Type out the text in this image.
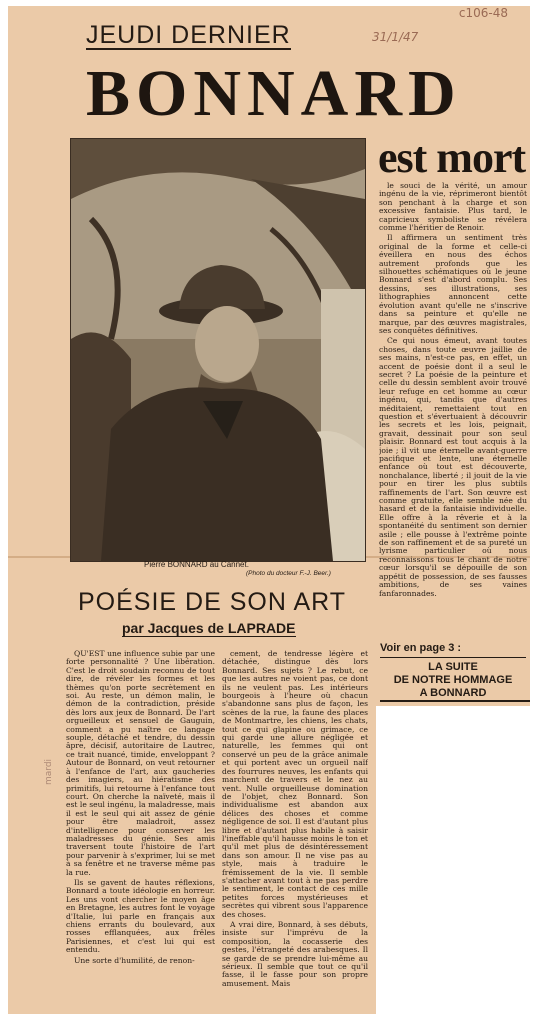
c106-48
31/1/47
mardi
JEUDI DERNIER
BONNARD
est mort
Pierre BONNARD au Cannet.
(Photo du docteur F.-J. Beer.)
POÉSIE DE SON ART
par Jacques de LAPRADE

le souci de la vérité, un amour ingénu de la vie, réprimeront bientôt son penchant à la charge et son excessive fantaisie. Plus tard, le capricieux symboliste se révélera comme l'héritier de Renoir.

Il affirmera un sentiment très original de la forme et celle-ci éveillera en nous des échos autrement profonds que les silhouettes schématiques où le jeune Bonnard s'est d'abord complu. Ses dessins, ses illustrations, ses lithographies annoncent cette évolution avant qu'elle ne s'inscrive dans sa peinture et qu'elle ne marque, par des œuvres magistrales, ses conquêtes définitives.

Ce qui nous émeut, avant toutes choses, dans toute œuvre jaillie de ses mains, n'est-ce pas, en effet, un accent de poésie dont il a seul le secret ? La poésie de la peinture et celle du dessin semblent avoir trouvé leur refuge en cet homme au cœur ingénu, qui, tandis que d'autres méditaient, remettaient tout en question et s'évertuaient à découvrir les secrets et les lois, peignait, gravait, dessinait pour son seul plaisir. Bonnard est tout acquis à la joie ; il vit une éternelle avant-guerre pacifique et lente, une éternelle enfance où tout est découverte, nonchalance, liberté ; il jouit de la vie pour en tirer les plus subtils raffinements de l'art. Son œuvre est comme gratuite, elle semble née du hasard et de la fantaisie individuelle. Elle offre à la rêverie et à la spontanéité du sentiment son dernier asile ; elle pousse à l'extrême pointe de son raffinement et de sa pureté un lyrisme particulier où nous reconnaissons tous le chant de notre cœur lorsqu'il se dépouille de son appétit de possession, de ses fausses ambitions, de ses vaines fanfaronnades.

QU'EST une influence subie par une forte personnalité ? Une libération. C'est le droit soudain reconnu de tout dire, de révéler les formes et les thèmes qu'on porte secrètement en soi. Au reste, un démon malin, le démon de la contradiction, préside dès lors aux jeux de Bonnard. De l'art orgueilleux et sensuel de Gauguin, comment a pu naître ce langage souple, détaché et tendre, du dessin âpre, décisif, autoritaire de Lautrec, ce trait nuancé, timide, enveloppant ? Autour de Bonnard, on veut retourner à l'enfance de l'art, aux gaucheries des imagiers, au hiératisme des primitifs, lui retourne à l'enfance tout court. On cherche la naïveté, mais il est le seul ingénu, la maladresse, mais il est le seul qui ait assez de génie pour être maladroit, assez d'intelligence pour conserver les maladresses du génie. Ses amis traversent toute l'histoire de l'art pour parvenir à s'exprimer, lui se met à sa fenêtre et ne traverse même pas la rue.

Ils se gavent de hautes réflexions, Bonnard a toute idéologie en horreur. Les uns vont chercher le moyen âge en Bretagne, les autres font le voyage d'Italie, lui parle en français aux chiens errants du boulevard, aux rosses efflanquées, aux frêles Parisiennes, et c'est lui qui est entendu.

Une sorte d'humilité, de renon-

cement, de tendresse légère et détachée, distingue dès lors Bonnard. Ses sujets ? Le rebut, ce que les autres ne voient pas, ce dont ils ne veulent pas. Les intérieurs bourgeois à l'heure où chacun s'abandonne sans plus de façon, les scènes de la rue, la faune des places de Montmartre, les chiens, les chats, tout ce qui glapine ou grimace, ce qui garde une allure négligée et naturelle, les femmes qui ont conservé un peu de la grâce animale et qui portent avec un orgueil naïf des fourrures neuves, les enfants qui marchent de travers et le nez au vent. Nulle orgueilleuse domination de l'objet, chez Bonnard. Son individualisme est abandon aux délices des choses et comme négligence de soi. Il est d'autant plus libre et d'autant plus habile à saisir l'ineffable qu'il hausse moins le ton et qu'il met plus de désintéressement dans son amour. Il ne vise pas au style, mais à traduire le frémissement de la vie. Il semble s'attacher avant tout à ne pas perdre le sentiment, le contact de ces mille petites forces mystérieuses et secrètes qui vibrent sous l'apparence des choses.

A vrai dire, Bonnard, à ses débuts, insiste sur l'imprévu de la composition, la cocasserie des gestes, l'étrangeté des arabesques. Il se garde de se prendre lui-même au sérieux. Il semble que tout ce qu'il fasse, il le fasse pour son propre amusement. Mais

Voir en page 3 :
LA SUITE
DE NOTRE HOMMAGE
A BONNARD
